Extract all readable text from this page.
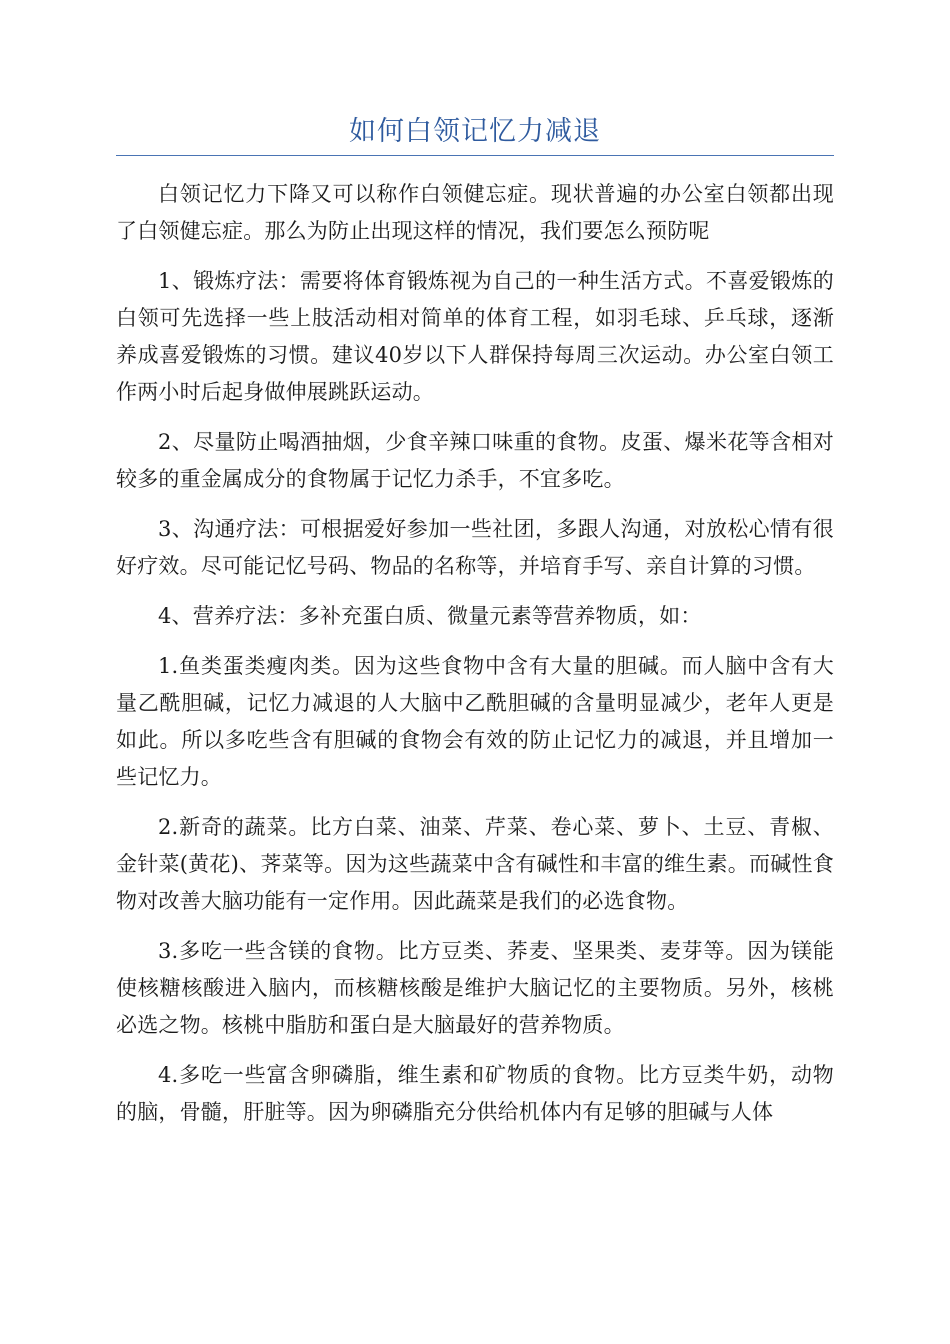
如何白领记忆力减退

白领记忆力下降又可以称作白领健忘症。现状普遍的办公室白领都出现了白领健忘症。那么为防止出现这样的情况，我们要怎么预防呢

1、锻炼疗法：需要将体育锻炼视为自己的一种生活方式。不喜爱锻炼的白领可先选择一些上肢活动相对简单的体育工程，如羽毛球、乒乓球，逐渐养成喜爱锻炼的习惯。建议40岁以下人群保持每周三次运动。办公室白领工作两小时后起身做伸展跳跃运动。

2、尽量防止喝酒抽烟，少食辛辣口味重的食物。皮蛋、爆米花等含相对较多的重金属成分的食物属于记忆力杀手，不宜多吃。

3、沟通疗法：可根据爱好参加一些社团，多跟人沟通，对放松心情有很好疗效。尽可能记忆号码、物品的名称等，并培育手写、亲自计算的习惯。

4、营养疗法：多补充蛋白质、微量元素等营养物质，如：

1.鱼类蛋类瘦肉类。因为这些食物中含有大量的胆碱。而人脑中含有大量乙酰胆碱，记忆力减退的人大脑中乙酰胆碱的含量明显减少，老年人更是如此。所以多吃些含有胆碱的食物会有效的防止记忆力的减退，并且增加一些记忆力。

2.新奇的蔬菜。比方白菜、油菜、芹菜、卷心菜、萝卜、土豆、青椒、金针菜(黄花)、荠菜等。因为这些蔬菜中含有碱性和丰富的维生素。而碱性食物对改善大脑功能有一定作用。因此蔬菜是我们的必选食物。

3.多吃一些含镁的食物。比方豆类、荞麦、坚果类、麦芽等。因为镁能使核糖核酸进入脑内，而核糖核酸是维护大脑记忆的主要物质。另外，核桃必选之物。核桃中脂肪和蛋白是大脑最好的营养物质。

4.多吃一些富含卵磷脂，维生素和矿物质的食物。比方豆类牛奶，动物的脑，骨髓，肝脏等。因为卵磷脂充分供给机体内有足够的胆碱与人体
